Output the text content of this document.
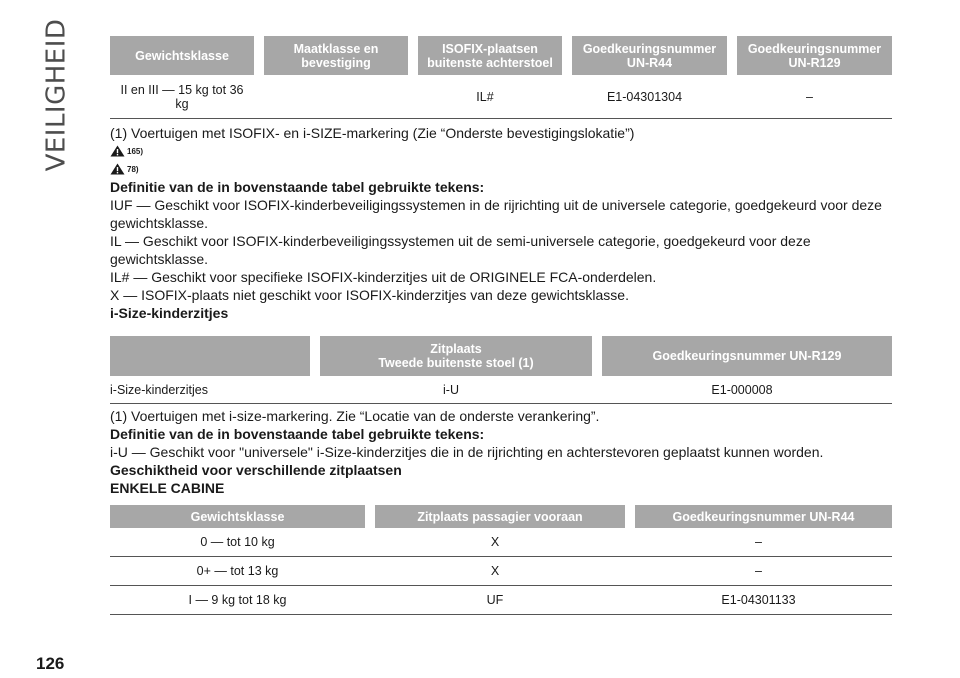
VEILIGHEID	Gewichtsklasse	Maatklasse en
bevestiging	ISOFIX-plaatsen
buitenste achterstoel	Goedkeuringsnummer
UN-R44	Goedkeuringsnummer
UN-R129
II en III — 15 kg tot 36
kg		IL#	E1-04301304	–

(1) Voertuigen met ISOFIX- en i-SIZE-markering (Zie “Onderste bevestigingslokatie”)

165)
78)

Definitie van de in bovenstaande tabel gebruikte tekens:

IUF — Geschikt voor ISOFIX-kinderbeveiligingssystemen in de rijrichting uit de universele categorie, goedgekeurd voor deze gewichtsklasse.

IL — Geschikt voor ISOFIX-kinderbeveiligingssystemen uit de semi-universele categorie, goedgekeurd voor deze gewichtsklasse.

IL# — Geschikt voor specifieke ISOFIX-kinderzitjes uit de ORIGINELE FCA-onderdelen.

X — ISOFIX-plaats niet geschikt voor ISOFIX-kinderzitjes van deze gewichtsklasse.

i-Size-kinderzitjes

	Zitplaats
Tweede buitenste stoel (1)	Goedkeuringsnummer UN-R129
i-Size-kinderzitjes	i-U	E1-000008

(1) Voertuigen met i-size-markering. Zie “Locatie van de onderste verankering”.

Definitie van de in bovenstaande tabel gebruikte tekens:

i-U — Geschikt voor "universele" i-Size-kinderzitjes die in de rijrichting en achterstevoren geplaatst kunnen worden.

Geschiktheid voor verschillende zitplaatsen

ENKELE CABINE

Gewichtsklasse	Zitplaats passagier vooraan	Goedkeuringsnummer UN-R44
0 — tot 10 kg	X	–
0+ — tot 13 kg	X	–
I — 9 kg tot 18 kg	UF	E1-04301133
126
